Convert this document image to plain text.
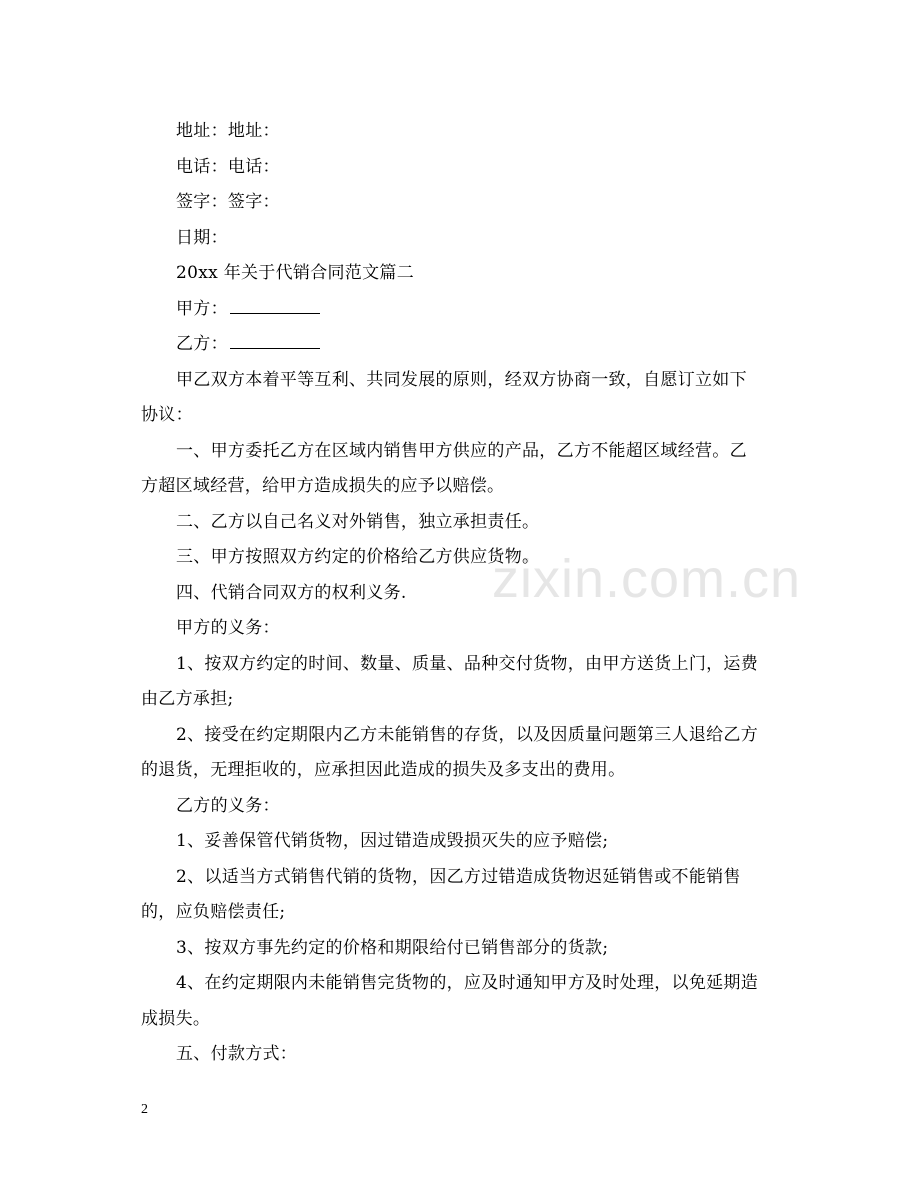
zixin.com.cn
地址：地址：
电话：电话：
签字：签字：
日期：
20xx 年关于代销合同范文篇二
甲方：
乙方：
甲乙双方本着平等互利、共同发展的原则，经双方协商一致，自愿订立如下
协议：
一、甲方委托乙方在区域内销售甲方供应的产品，乙方不能超区域经营。乙
方超区域经营，给甲方造成损失的应予以赔偿。
二、乙方以自己名义对外销售，独立承担责任。
三、甲方按照双方约定的价格给乙方供应货物。
四、代销合同双方的权利义务.
甲方的义务：
1、按双方约定的时间、数量、质量、品种交付货物，由甲方送货上门，运费
由乙方承担;
2、接受在约定期限内乙方未能销售的存货，以及因质量问题第三人退给乙方
的退货，无理拒收的，应承担因此造成的损失及多支出的费用。
乙方的义务：
1、妥善保管代销货物，因过错造成毁损灭失的应予赔偿;
2、以适当方式销售代销的货物，因乙方过错造成货物迟延销售或不能销售
的，应负赔偿责任;
3、按双方事先约定的价格和期限给付已销售部分的货款;
4、在约定期限内未能销售完货物的，应及时通知甲方及时处理，以免延期造
成损失。
五、付款方式：
2
